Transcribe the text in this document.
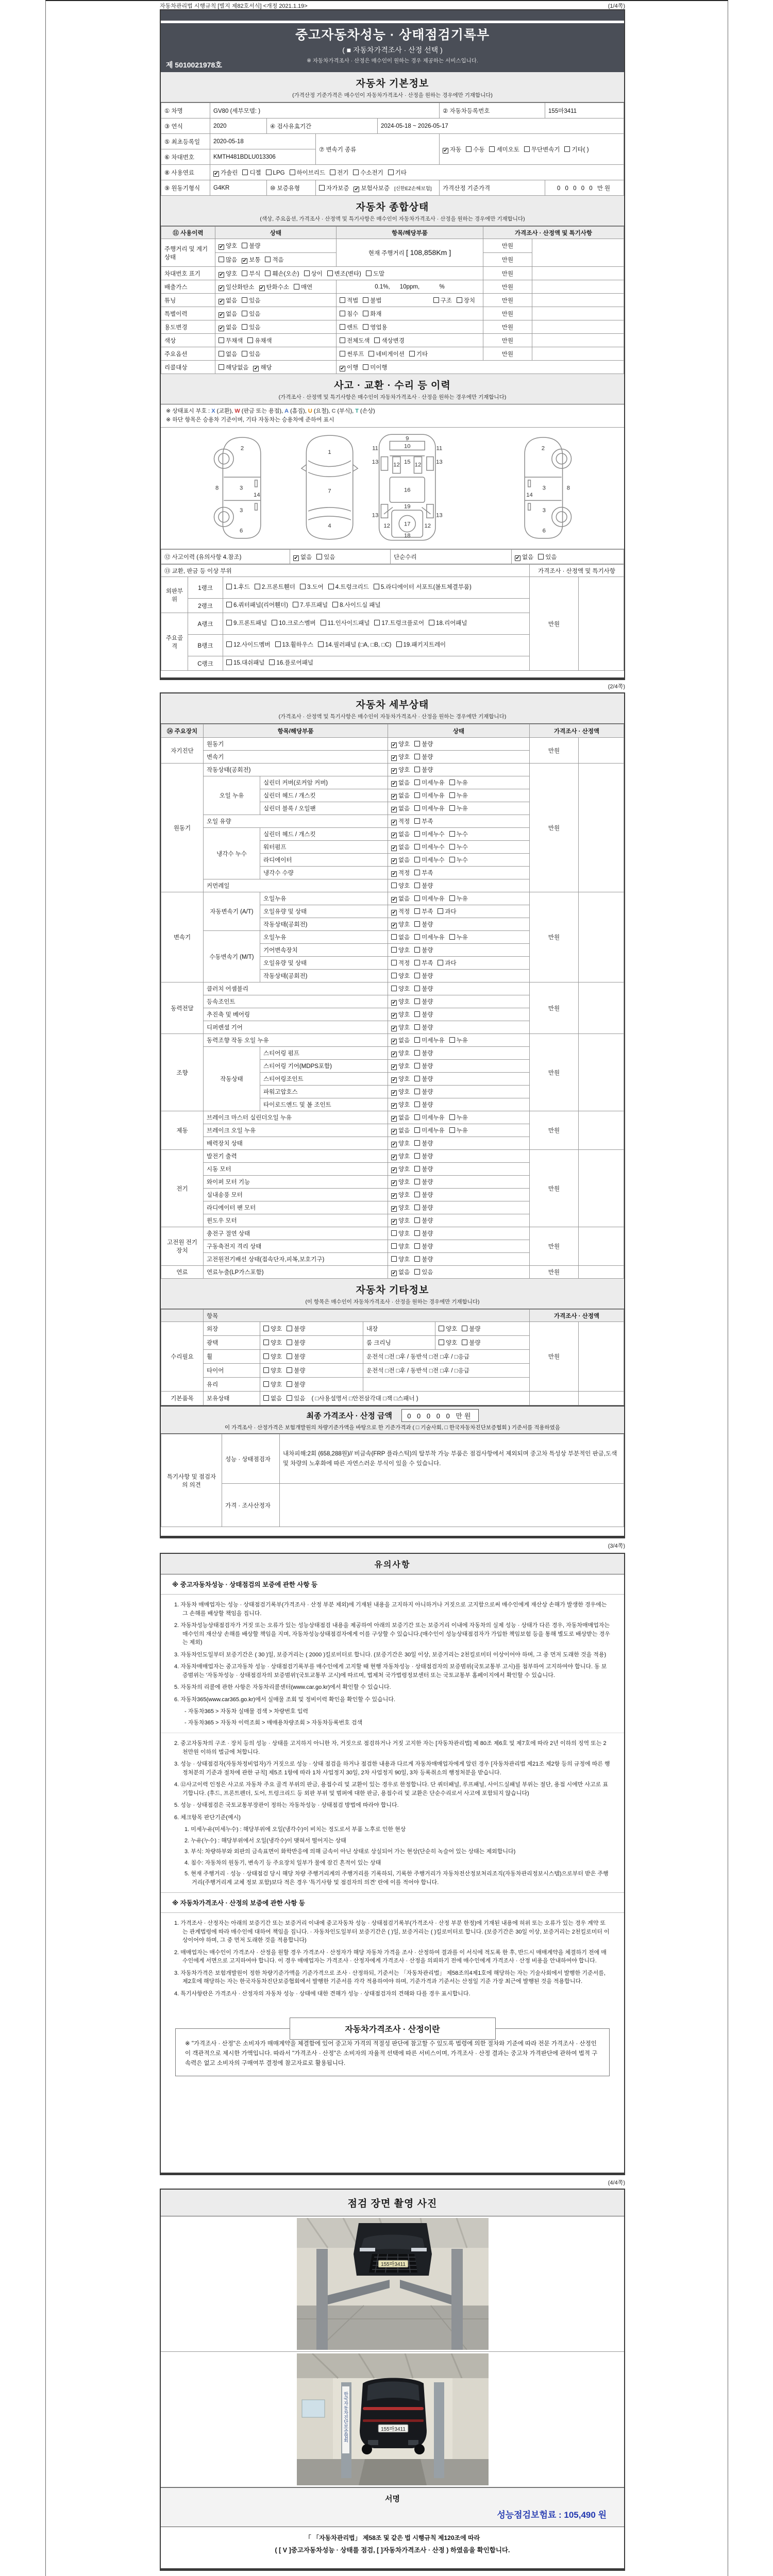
자동차관리법 시행규칙 [별지 제82호서식] <개정 2021.1.19>	(1/4쪽)
중고자동차성능 · 상태점검기록부
( ■ 자동차가격조사 · 산정 선택 )
※ 자동차가격조사 · 산정은 매수인이 원하는 경우 제공하는 서비스입니다.
제 5010021978호
자동차 기본정보
(가격산정 기준가격은 매수인이 자동차가격조사 · 산정을 원하는 경우에만 기재합니다)
① 차명	GV80 (세부모델: )				② 자동차등록번호	155마3411
③ 연식	2020	④ 검사유효기간		2024-05-18 ~ 2026-05-17		
⑤ 최초등록일	2020-05-18		⑦ 변속기 종류		✔ 자동 수동 세미오토 무단변속기 기타( )	
⑥ 차대번호	KMTH481BDLU013306					
⑧ 사용연료	✔ 가솔린 디젤 LPG 하이브리드 전기 수소전기 기타					
⑨ 원동기형식	G4KR	⑩ 보증유형	자가보증 ✔ 보험사보증 [신한EZ손해보험]		가격산정 기준가격	0 0 0 0 0 만원
자동차 종합상태
(색상, 주요옵션, 가격조사 · 산정액 및 특기사항은 매수인이 자동차가격조사 · 산정을 원하는 경우에만 기재합니다)
⑪ 사용이력	상태	항목/해당부품	가격조사 · 산정액 및 특기사항	
주행거리 및 계기상태	✔ 양호 불량	현재 주행거리 [ 108,858Km ]	만원	
	많음 ✔ 보통 적음		만원	
차대번호 표기	✔ 양호 부식 훼손(오손) 상이 변조(변타) 도말		만원	
배출가스	✔ 일산화탄소 ✔ 탄화수소 매연	0.1%,      10ppm,            %	만원	
튜닝	✔ 없음 있음	적법 불법 구조 장치	만원	
특별이력	✔ 없음 있음	침수 화재	만원	
용도변경	✔ 없음 있음	렌트 영업용	만원	
색상	무채색 유채색	전체도색 색상변경	만원	
주요옵션	없음 있음	썬루프 네비게이션 기타	만원	
리콜대상	해당없음 ✔ 해당	✔ 이행 미이행		
사고 · 교환 · 수리 등 이력
(가격조사 · 산정액 및 특기사항은 매수인이 자동차가격조사 · 산정을 원하는 경우에만 기재합니다)
※ 상태표시 부호 : X (교환), W (판금 또는 용접), A (흠집), U (요철), C (부식), T (손상)
※ 하단 항목은 승용차 기준이며, 기타 자동차는 승용차에 준하여 표시
2
3
3
14
8
6
1
7
4
9
10
11	11
13	13
12 12
15
16
19
13	13
12	12
17
18
2
3
3
14
8
6
⑫ 사고이력 (유의사항 4.참조)	✔ 없음 있음	단순수리	✔ 없음 있음
⑬ 교환, 판금 등 이상 부위			가격조사 · 산정액 및 특기사항	
외판부위	1랭크	1.후드 2.프론트휀더 3.도어 4.트렁크리드 5.라디에이터 서포트(볼트체결부품)	만원	
	2랭크	6.쿼터패널(리어휀더) 7.루프패널 8.사이드실 패널		
주요골격	A랭크	9.프론트패널 10.크로스멤버 11.인사이드패널 17.트렁크플로어 18.리어패널		
	B랭크	12.사이드멤버 13.휠하우스 14.필러패널 (□A, □B, □C) 19.패키지트레이		
	C랭크	15.대쉬패널 16.플로어패널		
(2/4쪽)
자동차 세부상태
(가격조사 · 산정액 및 특기사항은 매수인이 자동차가격조사 · 산정을 원하는 경우에만 기재합니다)
⑭ 주요장치	항목/해당부품		상태	가격조사 · 산정액	
자기진단	원동기		✔ 양호 불량	만원	
	변속기		✔ 양호 불량		
원동기	작동상태(공회전)		✔ 양호 불량	만원	
	오일 누유	실린더 커버(로커암 커버)	✔ 없음 미세누유 누유		
		실린더 헤드 / 개스킷	✔ 없음 미세누유 누유		
		실린더 블록 / 오일팬	✔ 없음 미세누유 누유		
	오일 유량		✔ 적정 부족		
	냉각수 누수	실린더 헤드 / 개스킷	✔ 없음 미세누수 누수		
		워터펌프	✔ 없음 미세누수 누수		
		라디에이터	✔ 없음 미세누수 누수		
		냉각수 수량	✔ 적정 부족		
	커먼레일		양호 불량		
변속기	자동변속기 (A/T)	오일누유	✔ 없음 미세누유 누유	만원	
		오일유량 및 상태	✔ 적정 부족 과다		
		작동상태(공회전)	✔ 양호 불량		
	수동변속기 (M/T)	오일누유	없음 미세누유 누유		
		기어변속장치	양호 불량		
		오일유량 및 상태	적정 부족 과다		
		작동상태(공회전)	양호 불량		
동력전달	클러치 어셈블리		양호 불량	만원	
	등속조인트		✔ 양호 불량		
	추진축 및 베어링		✔ 양호 불량		
	디퍼렌셜 기어		✔ 양호 불량		
조향	동력조향 작동 오일 누유		✔ 없음 미세누유 누유	만원	
	작동상태	스티어링 펌프	✔ 양호 불량		
		스티어링 기어(MDPS포함)	✔ 양호 불량		
		스티어링조인트	✔ 양호 불량		
		파워고압호스	✔ 양호 불량		
		타이로드엔드 및 볼 조인트	✔ 양호 불량		
제동	브레이크 마스터 실린더오일 누유		✔ 없음 미세누유 누유	만원	
	브레이크 오일 누유		✔ 없음 미세누유 누유		
	배력장치 상태		✔ 양호 불량		
전기	발전기 출력		✔ 양호 불량	만원	
	시동 모터		✔ 양호 불량		
	와이퍼 모터 기능		✔ 양호 불량		
	실내송풍 모터		✔ 양호 불량		
	라디에이터 팬 모터		✔ 양호 불량		
	윈도우 모터		✔ 양호 불량		
고전원 전기장치	충전구 절연 상태		양호 불량	만원	
	구동축전지 격리 상태		양호 불량		
	고전원전기배선 상태(접속단자,피복,보호기구)		양호 불량		
연료	연료누출(LP가스포함)		✔ 없음 있음	만원	
자동차 기타정보
(이 항목은 매수인이 자동차가격조사 · 산정을 원하는 경우에만 기재합니다)
	항목				가격조사 · 산정액	
수리필요	외장	양호 불량	내장	양호 불량	만원	
	광택	양호 불량	룸 크리닝	양호 불량		
	휠	양호 불량	운전석 □전 □후 / 동반석 □전 □후 / □응급			
	타이어	양호 불량	운전석 □전 □후 / 동반석 □전 □후 / □응급			
	유리	양호 불량				
기본품목	보유상태	없음 있음 ( □사용설명서 □안전삼각대 □잭 □스패너 )				
최종 가격조사 · 산정 금액 0 0 0 0 0 만원
이 가격조사 · 산정가격은 보험개발원의 차량기준가액을 바탕으로 한 기준가격과 ( □ 기술사회, □ 한국자동차진단보증협회 ) 기준서를 적용하였음
특기사항 및 점검자의 의견	성능 · 상태점검자	내차피해:2회 (658,288원)// 비금속(FRP 플라스틱)의 탈부착 가능 부품은 점검사항에서 제외되며 중고차 특성상 부분적인 판금,도색 및 차량의 노후화에 따른 자연스러운 부식이 있을 수 있습니다.
	가격 · 조사산정자	
(3/4쪽)
유의사항
※ 중고자동차성능 · 상태점검의 보증에 관한 사항 등
1. 자동차 매매업자는 성능 · 상태점검기록부(가격조사 · 산정 부분 제외)에 기재된 내용을 고지하지 아니하거나 거짓으로 고지함으로써 매수인에게 재산상 손해가 발생한 경우에는 그 손해를 배상할 책임을 집니다.
2. 자동차성능상태점검자가 거짓 또는 오류가 있는 성능상태점검 내용을 제공하여 아래의 보증기간 또는 보증거리 이내에 자동차의 실제 성능 · 상태가 다른 경우, 자동차매매업자는 매수인의 재산상 손해를 배상할 책임을 지며, 자동차성능상태점검자에게 이를 구상할 수 있습니다.(매수인이 성능상태점검자가 가입한 책임보험 등을 통해 별도로 배상받는 경우는 제외)
3. 자동차인도일부터 보증기간은 ( 30 )일, 보증거리는 ( 2000 )킬로미터로 합니다. (보증기간은 30일 이상, 보증거리는 2천킬로미터 이상이어야 하며, 그 중 먼저 도래한 것을 적용)
4. 자동차매매업자는 중고자동차 성능 · 상태점검기록부를 매수인에게 고지할 때 현행 자동차성능 · 상태점검자의 보증범위(국토교통부 고시)를 첨부하여 고지하여야 합니다. 동 보증범위는 '자동차성능 · 상태점검자의 보증범위'(국토교통부 고시)에 따르며, 법제처 국가법령정보센터 또는 국토교통부 홈페이지에서 확인할 수 있습니다.
5. 자동차의 리콜에 관한 사항은 자동차리콜센터(www.car.go.kr)에서 확인할 수 있습니다.
6. 자동차365(www.car365.go.kr)에서 실매물 조회 및 정비이력 확인을 확인할 수 있습니다.
- 자동차365 > 자동차 실매물 검색 > 차량번호 입력
- 자동차365 > 자동차 이력조회 > 매매용차량조회 > 자동차등록번호 검색
2. 중고자동차의 구조 · 장치 등의 성능 · 상태를 고지하지 아니한 자, 거짓으로 점검하거나 거짓 고지한 자는 [자동차관리법] 제 80조 제6호 및 제7호에 따라 2년 이하의 징역 또는 2천만원 이하의 벌금에 처합니다.
3. 성능 · 상태점검자(자동차정비업자)가 거짓으로 성능 · 상태 점검을 하거나 점검한 내용과 다르게 자동차매매업자에게 알린 경우 [자동차관리법 제21조 제2항 등의 규정에 따른 행정처분의 기준과 절차에 관한 규칙] 제5조 1항에 따라 1차 사업정지 30일, 2차 사업정지 90일, 3차 등록취소의 행정처분을 받습니다.
4. ⑫사고이력 인정은 사고로 자동차 주요 골격 부위의 판금, 용접수리 및 교환이 있는 경우로 한정합니다. 단 쿼터패널, 루프패널, 사이드실패널 부위는 절단, 용접 시에만 사고로 표기합니다. (후드, 프론트펜더, 도어, 트렁크리드 등 외판 부위 및 범퍼에 대한 판금, 용접수리 및 교환은 단순수리로서 사고에 포함되지 않습니다)
5. 성능 · 상태점검은 국토교통부장관이 정하는 자동차성능 · 상태점검 방법에 따라야 합니다.
6. 체크항목 판단기준(예시)
1. 미세누유(미세누수) : 해당부위에 오일(냉각수)이 비치는 정도로서 부품 노후로 인한 현상
2. 누유(누수) : 해당부위에서 오일(냉각수)이 맺혀서 떨어지는 상태
3. 부식: 차량하부와 외판의 금속표면이 화학반응에 의해 금속이 아닌 상태로 상실되어 가는 현상(단순히 녹슬어 있는 상태는 제외합니다)
4. 침수: 자동차의 원동기, 변속기 등 주요장치 일부가 물에 잠긴 흔적이 있는 상태
5. 현재 주행거리 · 성능 · 상태점검 당시 해당 차량 주행거리계의 주행거리를 기록하되, 기록한 주행거리가 자동차전산정보처리조직(자동차관리정보시스템)으로부터 받은 주행거리(주행거리계 교체 정보 포함)보다 적은 경우 '특기사항 및 점검자의 의견' 란에 이를 적어야 합니다.
※ 자동차가격조사 · 산정의 보증에 관한 사항 등
1. 가격조사 · 산정자는 아래의 보증기간 또는 보증거리 이내에 중고자동차 성능 · 상태점검기록부(가격조사 · 산정 부분 한정)에 기재된 내용에 허위 또는 오류가 있는 경우 계약 또는 관계법령에 따라 매수인에 대하여 책임을 집니다. · 자동차인도일부터 보증기간은 ( )일, 보증거리는 ( )킬로미터로 합니다. (보증기간은 30일 이상, 보증거리는 2천킬로미터 이상이어야 하며, 그 중 먼저 도래한 것을 적용합니다)
2. 매매업자는 매수인이 가격조사 · 산정을 원할 경우 가격조사 · 산정자가 해당 자동차 가격을 조사 · 산정하여 결과를 이 서식에 적도록 한 후, 반드시 매매계약을 체결하기 전에 매수인에게 서면으로 고지하여야 합니다. 이 경우 매매업자는 가격조사 · 산정자에게 가격조사 · 산정을 의뢰하기 전에 매수인에게 가격조사 · 산정 비용을 안내하여야 합니다.
3. 자동차가격은 보험개발원이 정한 차량기준가액을 기준가격으로 조사 · 산정하되, 기준서는 「자동차관리법」 제58조의4제1호에 해당하는 자는 기술사회에서 발행한 기준서를, 제2호에 해당하는 자는 한국자동차진단보증협회에서 발행한 기준서를 각각 적용하여야 하며, 기준가격과 기준서는 산정일 기준 가장 최근에 발행된 것을 적용합니다.
4. 특기사항란은 가격조사 · 산정자의 자동차 성능 · 상태에 대한 견해가 성능 · 상태점검자의 견해와 다를 경우 표시합니다.
자동차가격조사 · 산정이란
※ "가격조사 · 산정"은 소비자가 매매계약을 체결함에 있어 중고차 가격의 적절성 판단에 참고할 수 있도록 법령에 의한 절차와 기준에 따라 전문 가격조사 · 산정인이 객관적으로 제시한 가액입니다. 따라서 "가격조사 · 산정"은 소비자의 자율적 선택에 따른 서비스이며, 가격조사 · 산정 결과는 중고차 가격판단에 관하여 법적 구속력은 없고 소비자의 구매여부 결정에 참고자료로 활용됩니다.
(4/4쪽)
점검 장면 촬영 사진
155마3411
한국자동차진단보증협회	155마3411
서명
성능점검보험료 : 105,490 원
「 「자동차관리법」 제58조 및 같은 법 시행규칙 제120조에 따라
( [ V ]중고자동차성능 · 상태를 점검, [ ]자동차가격조사 · 산정 ) 하였음을 확인합니다.
